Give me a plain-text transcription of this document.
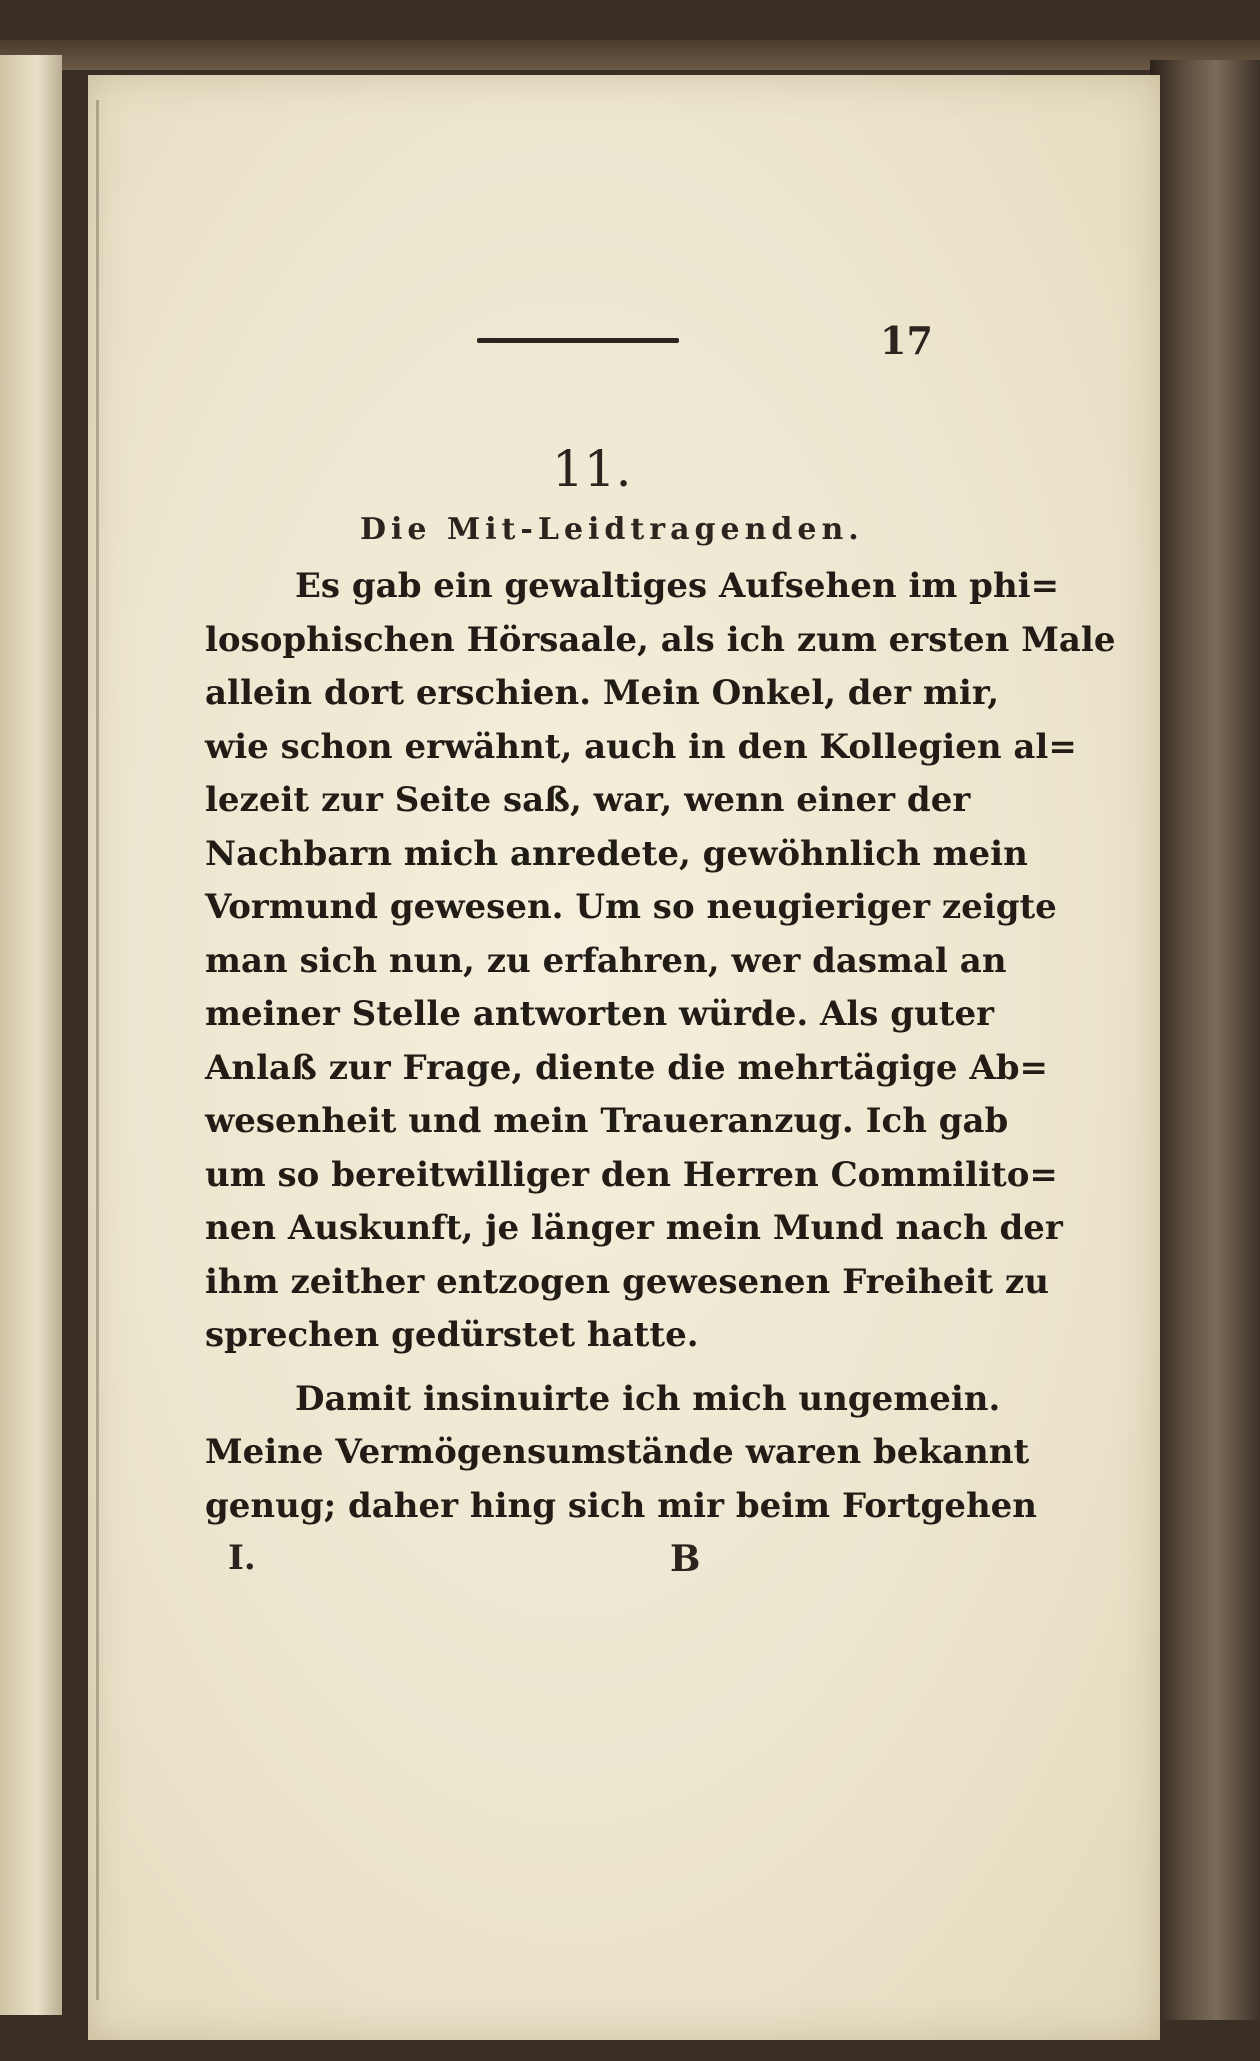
17
11.
Die Mit-Leidtragenden.
Es gab ein gewaltiges Aufsehen im phi=
losophischen Hörsaale, als ich zum ersten Male
allein dort erschien. Mein Onkel, der mir,
wie schon erwähnt, auch in den Kollegien al=
lezeit zur Seite saß, war, wenn einer der
Nachbarn mich anredete, gewöhnlich mein
Vormund gewesen. Um so neugieriger zeigte
man sich nun, zu erfahren, wer dasmal an
meiner Stelle antworten würde. Als guter
Anlaß zur Frage, diente die mehrtägige Ab=
wesenheit und mein Traueranzug. Ich gab
um so bereitwilliger den Herren Commilito=
nen Auskunft, je länger mein Mund nach der
ihm zeither entzogen gewesenen Freiheit zu
sprechen gedürstet hatte.
Damit insinuirte ich mich ungemein.
Meine Vermögensumstände waren bekannt
genug; daher hing sich mir beim Fortgehen
I.	B
